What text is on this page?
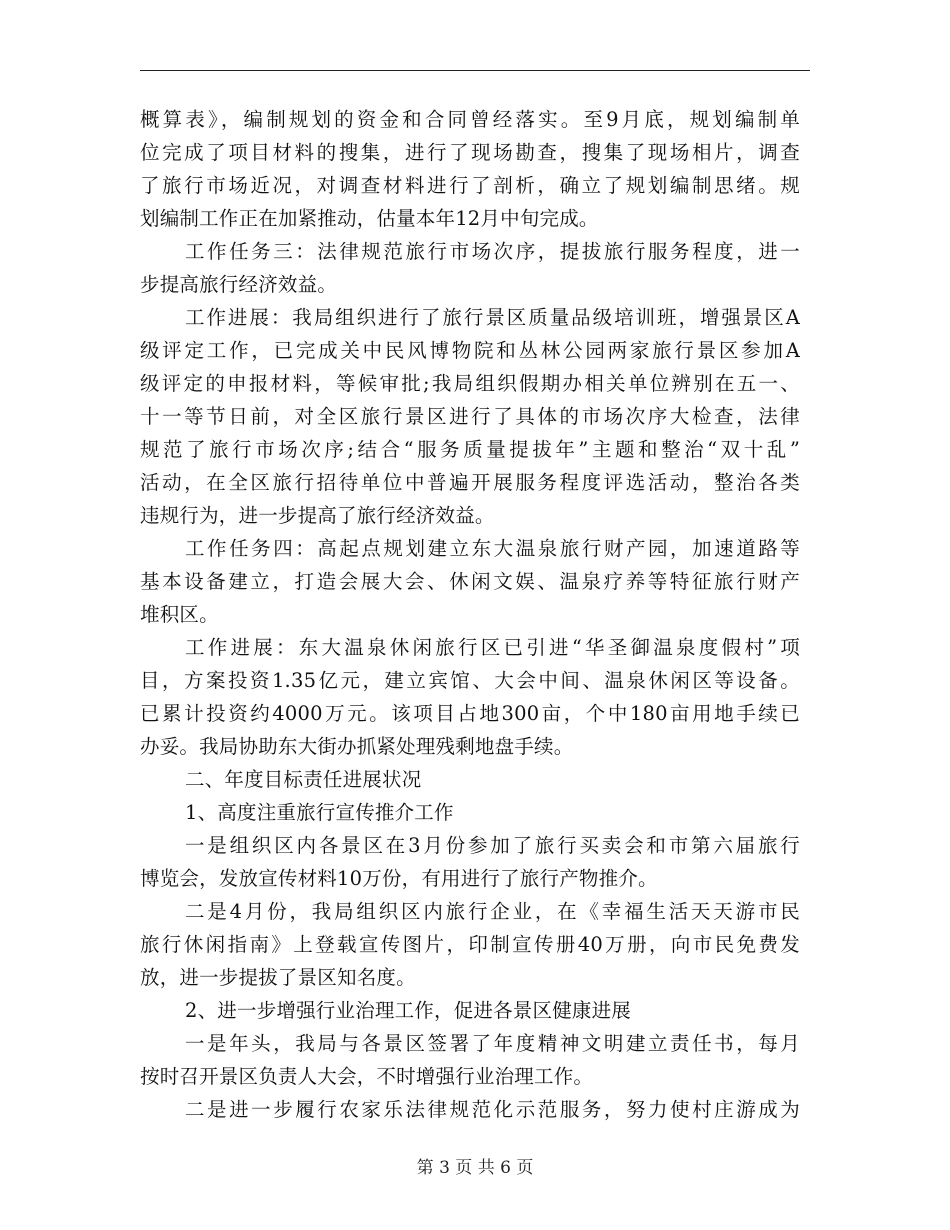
概算表》，编制规划的资金和合同曾经落实。至9月底，规划编制单
位完成了项目材料的搜集，进行了现场勘查，搜集了现场相片，调查
了旅行市场近况，对调查材料进行了剖析，确立了规划编制思绪。规
划编制工作正在加紧推动，估量本年12月中旬完成。
工作任务三：法律规范旅行市场次序，提拔旅行服务程度，进一
步提高旅行经济效益。
工作进展：我局组织进行了旅行景区质量品级培训班，增强景区A
级评定工作，已完成关中民风博物院和丛林公园两家旅行景区参加A
级评定的申报材料，等候审批;我局组织假期办相关单位辨别在五一、
十一等节日前，对全区旅行景区进行了具体的市场次序大检查，法律
规范了旅行市场次序;结合“服务质量提拔年”主题和整治“双十乱”
活动，在全区旅行招待单位中普遍开展服务程度评选活动，整治各类
违规行为，进一步提高了旅行经济效益。
工作任务四：高起点规划建立东大温泉旅行财产园，加速道路等
基本设备建立，打造会展大会、休闲文娱、温泉疗养等特征旅行财产
堆积区。
工作进展：东大温泉休闲旅行区已引进“华圣御温泉度假村”项
目，方案投资1.35亿元，建立宾馆、大会中间、温泉休闲区等设备。
已累计投资约4000万元。该项目占地300亩，个中180亩用地手续已
办妥。我局协助东大街办抓紧处理残剩地盘手续。
二、年度目标责任进展状况
1、高度注重旅行宣传推介工作
一是组织区内各景区在3月份参加了旅行买卖会和市第六届旅行
博览会，发放宣传材料10万份，有用进行了旅行产物推介。
二是4月份，我局组织区内旅行企业，在《幸福生活天天游市民
旅行休闲指南》上登载宣传图片，印制宣传册40万册，向市民免费发
放，进一步提拔了景区知名度。
2、进一步增强行业治理工作，促进各景区健康进展
一是年头，我局与各景区签署了年度精神文明建立责任书，每月
按时召开景区负责人大会，不时增强行业治理工作。
二是进一步履行农家乐法律规范化示范服务，努力使村庄游成为
第 3 页 共 6 页
